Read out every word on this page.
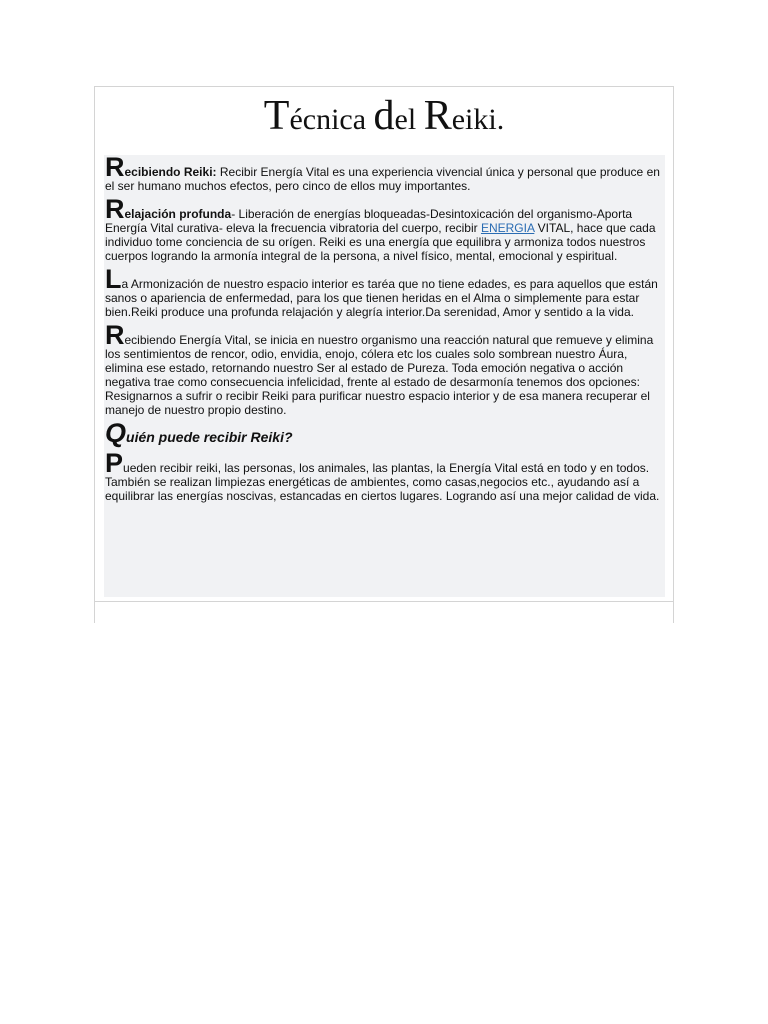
Técnica del Reiki.

Recibiendo Reiki: Recibir Energía Vital es una experiencia vivencial única y personal que produce en el ser humano muchos efectos, pero cinco de ellos muy importantes.

Relajación profunda- Liberación de energías bloqueadas-Desintoxicación del organismo-Aporta Energía Vital curativa- eleva la frecuencia vibratoria del cuerpo, recibir ENERGIA VITAL, hace que cada individuo tome conciencia de su orígen. Reiki es una energía que equilibra y armoniza todos nuestros cuerpos logrando la armonía integral de la persona, a nivel físico, mental, emocional y espiritual.

La Armonización de nuestro espacio interior es taréa que no tiene edades, es para aquellos que están sanos o apariencia de enfermedad, para los que tienen heridas en el Alma o simplemente para estar bien.Reiki produce una profunda relajación y alegría interior.Da serenidad, Amor y sentido a la vida.

Recibiendo Energía Vital, se inicia en nuestro organismo una reacción natural que remueve y elimina los sentimientos de rencor, odio, envidia, enojo, cólera etc los cuales solo sombrean nuestro Áura, elimina ese estado, retornando nuestro Ser al estado de Pureza. Toda emoción negativa o acción negativa trae como consecuencia infelicidad, frente al estado de desarmonía tenemos dos opciones: Resignarnos a sufrir o recibir Reiki para purificar nuestro espacio interior y de esa manera recuperar el manejo de nuestro propio destino.

Quién puede recibir Reiki?

Pueden recibir reiki, las personas, los animales, las plantas, la Energía Vital está en todo y en todos.
También se realizan limpiezas energéticas de ambientes, como casas,negocios etc., ayudando así a equilibrar las energías noscivas, estancadas en ciertos lugares. Logrando así una mejor calidad de vida.
